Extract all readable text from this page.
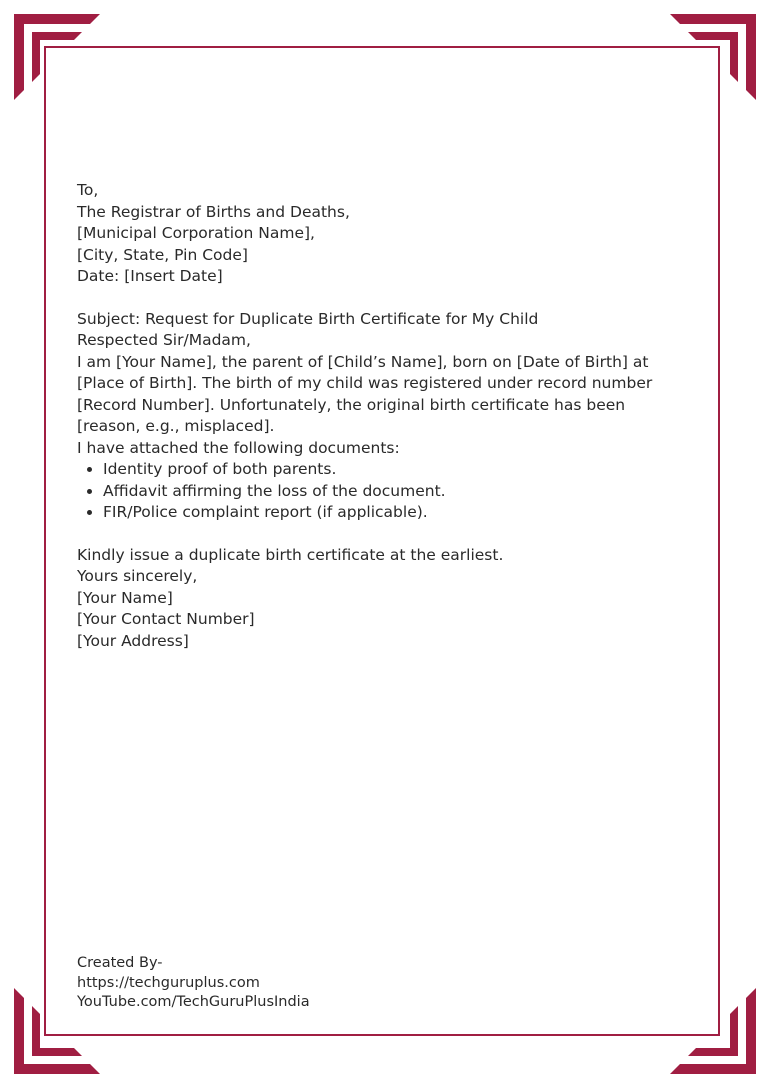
To,

The Registrar of Births and Deaths,

[Municipal Corporation Name],

[City, State, Pin Code]

Date: [Insert Date]

Subject: Request for Duplicate Birth Certificate for My Child

Respected Sir/Madam,

I am [Your Name], the parent of [Child’s Name], born on [Date of Birth] at [Place of Birth]. The birth of my child was registered under record number [Record Number]. Unfortunately, the original birth certificate has been [reason, e.g., misplaced].

I have attached the following documents:

• Identity proof of both parents.
• Affidavit affirming the loss of the document.
• FIR/Police complaint report (if applicable).

Kindly issue a duplicate birth certificate at the earliest.

Yours sincerely,

[Your Name]

[Your Contact Number]

[Your Address]

Created By-
https://techguruplus.com
YouTube.com/TechGuruPlusIndia
